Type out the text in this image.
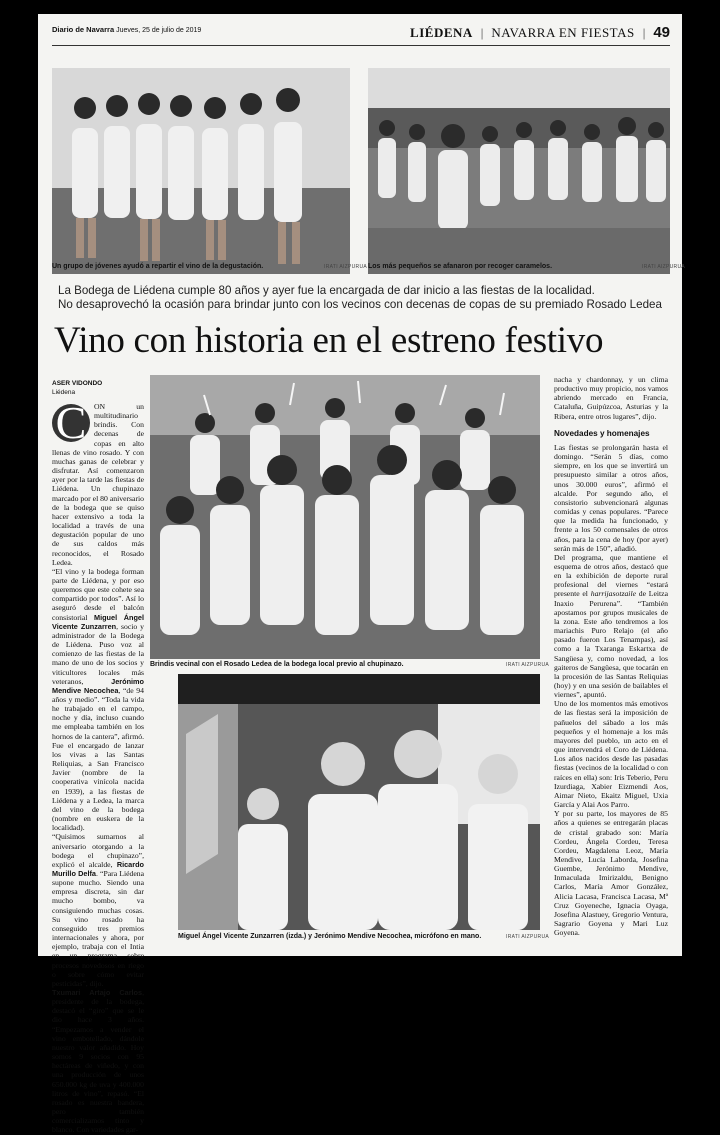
Diario de Navarra Jueves, 25 de julio de 2019	LIÉDENA | NAVARRA EN FIESTAS | 49
Un grupo de jóvenes ayudó a repartir el vino de la degustación.	IRATI AIZPURUA Los más pequeños se afanaron por recoger caramelos.	IRATI AIZPURUA
La Bodega de Liédena cumple 80 años y ayer fue la encargada de dar inicio a las fiestas de la localidad.
No desaprovechó la ocasión para brindar junto con los vecinos con decenas de copas de su premiado Rosado Ledea
Vino con historia en el estreno festivo
ASER VIDONDO
Liédena

C ON un multitudinario brindis. Con decenas de copas en alto llenas de vino rosado. Y con muchas ganas de celebrar y disfrutar. Así comenzaron ayer por la tarde las fiestas de Liédena. Un chupinazo marcado por el 80 aniversario de la bodega que se quiso hacer extensivo a toda la localidad a través de una degustación popular de uno de sus caldos más reconocidos, el Rosado Ledea.

“El vino y la bodega forman parte de Liédena, y por eso queremos que este cohete sea compartido por todos”. Así lo aseguró desde el balcón consistorial Miguel Ángel Vicente Zunzarren, socio y administrador de la Bodega de Liédena. Puso voz al comienzo de las fiestas de la mano de uno de los socios y viticultores locales más veteranos,	Jerónimo Mendive Necochea, “de 94 años y medio”. “Toda la vida he trabajado en el campo, noche y día, incluso cuando me empleaba también en los hornos de la cantera”, afirmó. Fue el encargado de lanzar los vivas a las Santas Reliquias, a San Francisco Javier (nombre de la cooperativa vinícola nacida en 1939), a las fiestas de Liédena y a Ledea, la marca del vino de la bodega (nombre en euskera de la localidad).

“Quisimos sumarnos al aniversario otorgando a la bodega el chupinazo”, explicó el alcalde, Ricardo Murillo Delfa. “Para Liédena supone mucho. Siendo una empresa discreta, sin dar mucho bombo, va consiguiendo muchas cosas. Su vino rosado ha conseguido tres premios internacionales y ahora, por ejemplo, trabaja con el Intia en un programa sobre procesos novedosos en riego o sobre cómo evitar pesticidas”, dijo.

Txumari Artajo Carlos, presidente de la bodega, destacó el “giro” que se le dio hace 3 años. “Empezamos a vender el vino embotellado, dándole nuestro valor añadido. Hoy somos 9 socios con 95 hectáreas de viñedo, y con una producción de unos 650.000 kg de uva y 400.000 litros de vino”, repasó. “El rosado es nuestra bandera, pero también comercializamos tinto y blanco. Con variedades gar-

Brindis vecinal con el Rosado Ledea de la bodega local previo al chupinazo.	IRATI AIZPURUA
Miguel Ángel Vicente Zunzarren (izda.) y Jerónimo Mendive Necochea, micrófono en mano.	IRATI AIZPURUA

nacha y chardonnay, y un clima productivo muy propicio, nos vamos abriendo mercado en Francia, Cataluña, Guipúzcoa, Asturias y la Ribera, entre otros lugares”, dijo.

Novedades y homenajes

Las fiestas se prolongarán hasta el domingo. “Serán 5 días, como siempre, en los que se invertirá un presupuesto similar a otros años, unos 30.000 euros”, afirmó el alcalde. Por segundo año, el consistorio subvencionará algunas comidas y cenas populares. “Parece que la medida ha funcionado, y frente a los 50 comensales de otros años, para la cena de hoy (por ayer) serán más de 150”, añadió.

Del programa, que mantiene el esquema de otros años, destacó que en la exhibición de deporte rural profesional del viernes “estará presente el harrijasotzaile de Leitza Inaxio Perurena”. “También apostamos por grupos musicales de la zona. Este año tendremos a los mariachis Puro Relajo (el año pasado fueron Los Tenampas), así como a la Txaranga Eskartxa de Sangüesa y, como novedad, a los gaiteros de Sangüesa, que tocarán en la procesión de las Santas Reliquias (hoy) y en una sesión de bailables el viernes”, apuntó.

Uno de los momentos más emotivos de las fiestas será la imposición de pañuelos del sábado a los más pequeños y el homenaje a los más mayores del pueblo, un acto en el que intervendrá el Coro de Liédena. Los años nacidos desde las pasadas fiestas (vecinos de la localidad o con raíces en ella) son: Iris Teberio, Peru Izurdiaga, Xabier Eizmendi Aos, Aimar Nieto, Ekaitz Miguel, Uxia García y Alai Aos Parro.

Y por su parte, los mayores de 85 años a quienes se entregarán placas de cristal grabado son: María Cordeu, Ángela Cordeu, Teresa Cordeu, Magdalena Leoz, María Mendive, Lucía Laborda, Josefina Guembe, Jerónimo Mendive, Inmaculada Imirizaldu, Benigno Carlos, María Amor González, Alicia Lacasa, Francisca Lacasa, Mª Cruz Goyeneche, Ignacia Oyaga, Josefina Alastuey, Gregorio Ventura, Sagrario Goyena y Mari Luz Goyena.
